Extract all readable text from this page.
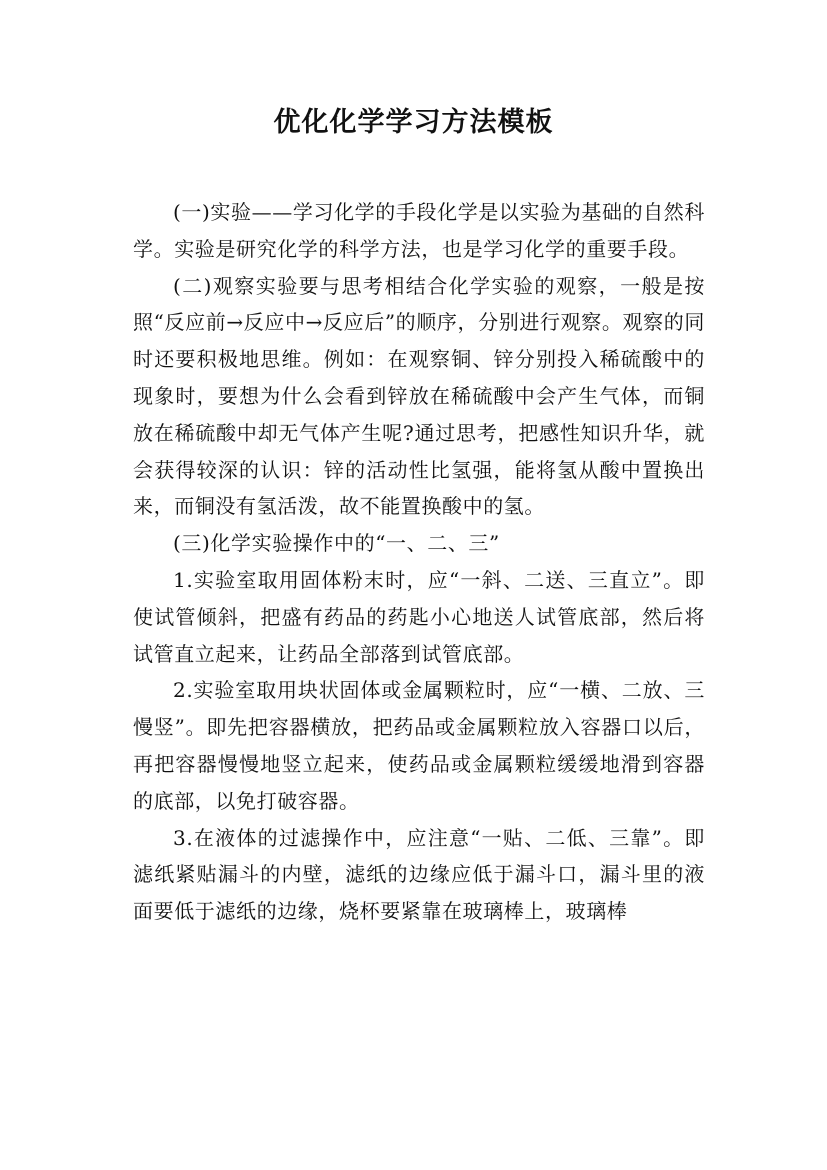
优化化学学习方法模板

(一)实验——学习化学的手段化学是以实验为基础的自然科学。实验是研究化学的科学方法，也是学习化学的重要手段。

(二)观察实验要与思考相结合化学实验的观察，一般是按照“反应前→反应中→反应后”的顺序，分别进行观察。观察的同时还要积极地思维。例如：在观察铜、锌分别投入稀硫酸中的现象时，要想为什么会看到锌放在稀硫酸中会产生气体，而铜放在稀硫酸中却无气体产生呢?通过思考，把感性知识升华，就会获得较深的认识：锌的活动性比氢强，能将氢从酸中置换出来，而铜没有氢活泼，故不能置换酸中的氢。

(三)化学实验操作中的“一、二、三”

1.实验室取用固体粉末时，应“一斜、二送、三直立”。即使试管倾斜，把盛有药品的药匙小心地送人试管底部，然后将试管直立起来，让药品全部落到试管底部。

2.实验室取用块状固体或金属颗粒时，应“一横、二放、三慢竖”。即先把容器横放，把药品或金属颗粒放入容器口以后，再把容器慢慢地竖立起来，使药品或金属颗粒缓缓地滑到容器的底部，以免打破容器。

3.在液体的过滤操作中，应注意“一贴、二低、三靠”。即滤纸紧贴漏斗的内壁，滤纸的边缘应低于漏斗口，漏斗里的液面要低于滤纸的边缘，烧杯要紧靠在玻璃棒上，玻璃棒
